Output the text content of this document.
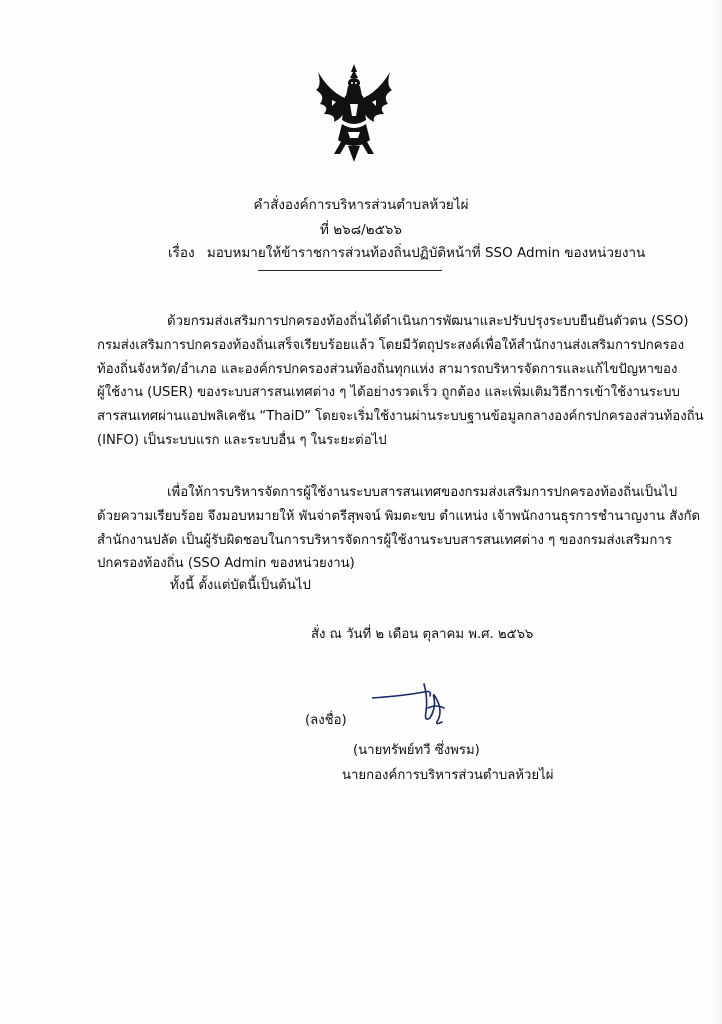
คำสั่งองค์การบริหารส่วนตำบลห้วยไผ่
ที่ ๒๖๘/๒๕๖๖
เรื่อง มอบหมายให้ข้าราชการส่วนท้องถิ่นปฏิบัติหน้าที่ SSO Admin ของหน่วยงาน

ด้วยกรมส่งเสริมการปกครองท้องถิ่นได้ดำเนินการพัฒนาและปรับปรุงระบบยืนยันตัวตน (SSO)
กรมส่งเสริมการปกครองท้องถิ่นเสร็จเรียบร้อยแล้ว โดยมีวัตถุประสงค์เพื่อให้สำนักงานส่งเสริมการปกครอง
ท้องถิ่นจังหวัด/อำเภอ และองค์กรปกครองส่วนท้องถิ่นทุกแห่ง สามารถบริหารจัดการและแก้ไขปัญหาของ
ผู้ใช้งาน (USER) ของระบบสารสนเทศต่าง ๆ ได้อย่างรวดเร็ว ถูกต้อง และเพิ่มเติมวิธีการเข้าใช้งานระบบ
สารสนเทศผ่านแอปพลิเคชัน “ThaiD” โดยจะเริ่มใช้งานผ่านระบบฐานข้อมูลกลางองค์กรปกครองส่วนท้องถิ่น
(INFO) เป็นระบบแรก และระบบอื่น ๆ ในระยะต่อไป

เพื่อให้การบริหารจัดการผู้ใช้งานระบบสารสนเทศของกรมส่งเสริมการปกครองท้องถิ่นเป็นไป
ด้วยความเรียบร้อย จึงมอบหมายให้ พันจ่าตรีสุพจน์ พิมตะขบ ตำแหน่ง เจ้าพนักงานธุรการชำนาญงาน สังกัด
สำนักงานปลัด เป็นผู้รับผิดชอบในการบริหารจัดการผู้ใช้งานระบบสารสนเทศต่าง ๆ ของกรมส่งเสริมการ
ปกครองท้องถิ่น (SSO Admin ของหน่วยงาน)

ทั้งนี้ ตั้งแต่บัดนี้เป็นต้นไป
สั่ง ณ วันที่ ๒ เดือน ตุลาคม พ.ศ. ๒๕๖๖
(ลงชื่อ)
(นายทรัพย์ทวี ซึ่งพรม)
นายกองค์การบริหารส่วนตำบลห้วยไผ่
